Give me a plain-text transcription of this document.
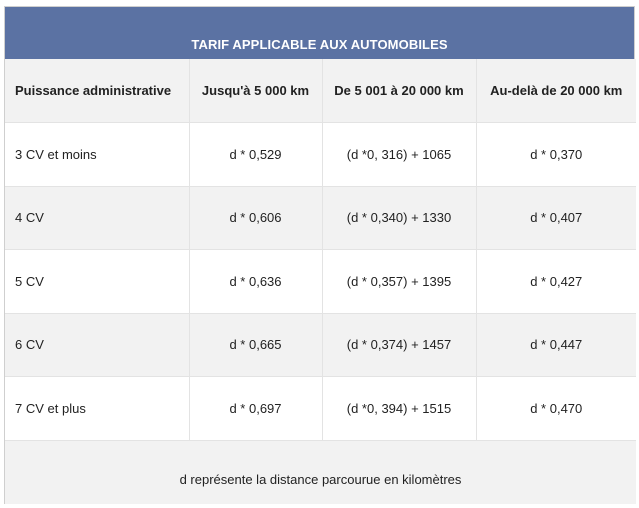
TARIF APPLICABLE AUX AUTOMOBILES
Puissance administrative	Jusqu'à 5 000 km	De 5 001 à 20 000 km	Au-delà de 20 000 km
3 CV et moins	d * 0,529	(d *0, 316) + 1065	d * 0,370
4 CV	d * 0,606	(d * 0,340) + 1330	d * 0,407
5 CV	d * 0,636	(d * 0,357) + 1395	d * 0,427
6 CV	d * 0,665	(d * 0,374) + 1457	d * 0,447
7 CV et plus	d * 0,697	(d *0, 394) + 1515	d * 0,470
d représente la distance parcourue en kilomètres			
